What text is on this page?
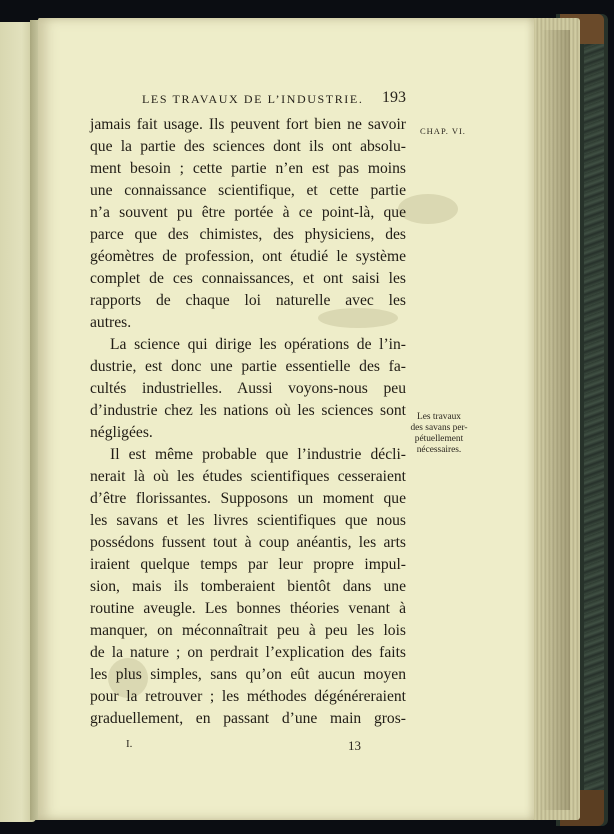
LES TRAVAUX DE L’INDUSTRIE. 193
CHAP. VI.
jamais fait usage. Ils peuvent fort bien ne savoir
que la partie des sciences dont ils ont absolu-
ment besoin ; cette partie n’en est pas moins
une connaissance scientifique, et cette partie
n’a souvent pu être portée à ce point-là, que
parce que des chimistes, des physiciens, des
géomètres de profession, ont étudié le système
complet de ces connaissances, et ont saisi les
rapports de chaque loi naturelle avec les
autres.
La science qui dirige les opérations de l’in-
dustrie, est donc une partie essentielle des fa-
cultés industrielles. Aussi voyons-nous peu
d’industrie chez les nations où les sciences sont
négligées.
Il est même probable que l’industrie décli-
nerait là où les études scientifiques cesseraient
d’être florissantes. Supposons un moment que
les savans et les livres scientifiques que nous
possédons fussent tout à coup anéantis, les arts
iraient quelque temps par leur propre impul-
sion, mais ils tomberaient bientôt dans une
routine aveugle. Les bonnes théories venant à
manquer, on méconnaîtrait peu à peu les lois
de la nature ; on perdrait l’explication des faits
les plus simples, sans qu’on eût aucun moyen
pour la retrouver ; les méthodes dégénéreraient
graduellement, en passant d’une main gros-
Les travaux
des savans per-
pétuellement
nécessaires.
I.	13
